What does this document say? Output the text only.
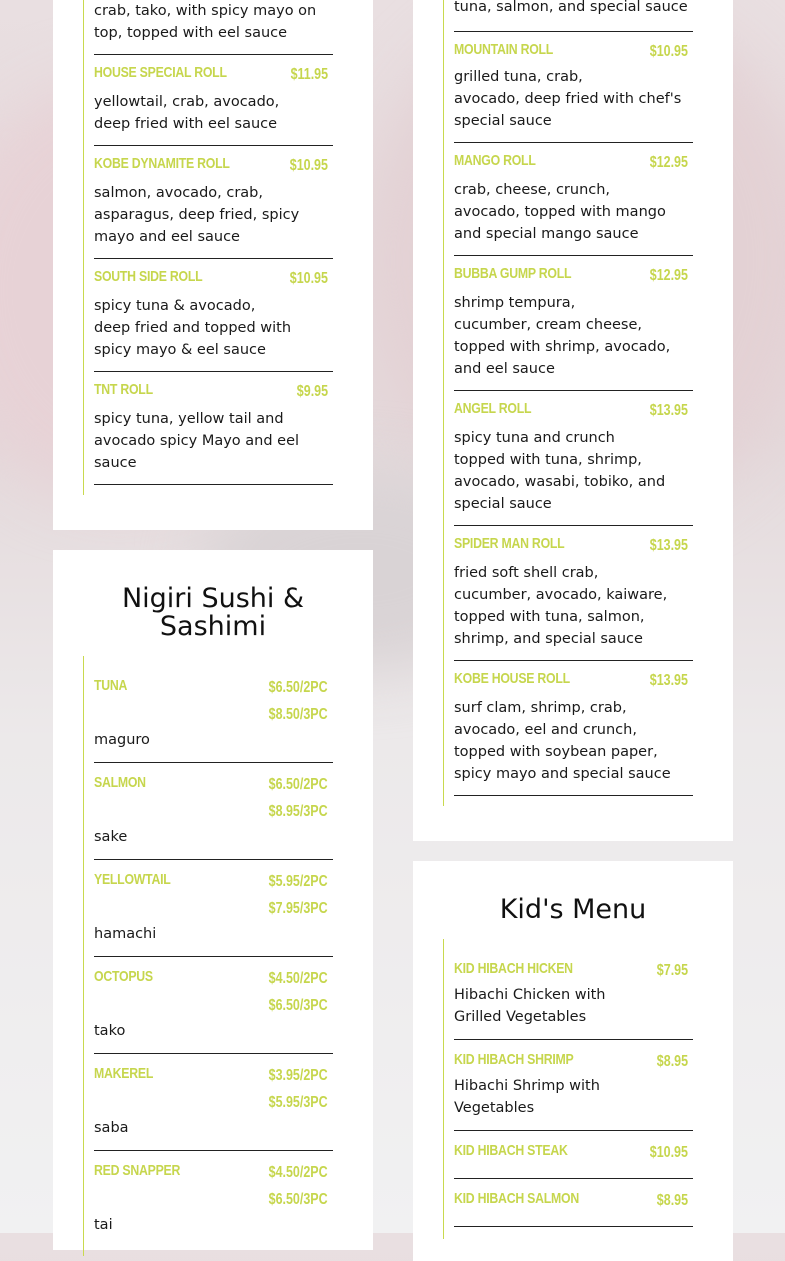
crab, tako, with spicy mayo on
top, topped with eel sauce
HOUSE SPECIAL ROLL	$11.95
yellowtail, crab, avocado,
deep fried with eel sauce
KOBE DYNAMITE ROLL	$10.95
salmon, avocado, crab,
asparagus, deep fried, spicy
mayo and eel sauce
SOUTH SIDE ROLL	$10.95
spicy tuna & avocado,
deep fried and topped with
spicy mayo & eel sauce
TNT ROLL	$9.95
spicy tuna, yellow tail and
avocado spicy Mayo and eel
sauce
tuna, salmon, and special sauce
MOUNTAIN ROLL	$10.95
grilled tuna, crab,
avocado, deep fried with chef's
special sauce
MANGO ROLL	$12.95
crab, cheese, crunch,
avocado, topped with mango
and special mango sauce
BUBBA GUMP ROLL	$12.95
shrimp tempura,
cucumber, cream cheese,
topped with shrimp, avocado,
and eel sauce
ANGEL ROLL	$13.95
spicy tuna and crunch
topped with tuna, shrimp,
avocado, wasabi, tobiko, and
special sauce
SPIDER MAN ROLL	$13.95
fried soft shell crab,
cucumber, avocado, kaiware,
topped with tuna, salmon,
shrimp, and special sauce
KOBE HOUSE ROLL	$13.95
surf clam, shrimp, crab,
avocado, eel and crunch,
topped with soybean paper,
spicy mayo and special sauce
Nigiri Sushi &
Sashimi
TUNA	$6.50/2PC
$8.50/3PC
maguro
SALMON	$6.50/2PC
$8.95/3PC
sake
YELLOWTAIL	$5.95/2PC
$7.95/3PC
hamachi
OCTOPUS	$4.50/2PC
$6.50/3PC
tako
MAKEREL	$3.95/2PC
$5.95/3PC
saba
RED SNAPPER	$4.50/2PC
$6.50/3PC
tai
Kid's Menu
KID HIBACH HICKEN	$7.95
Hibachi Chicken with
Grilled Vegetables
KID HIBACH SHRIMP	$8.95
Hibachi Shrimp with
Vegetables
KID HIBACH STEAK	$10.95
KID HIBACH SALMON	$8.95
